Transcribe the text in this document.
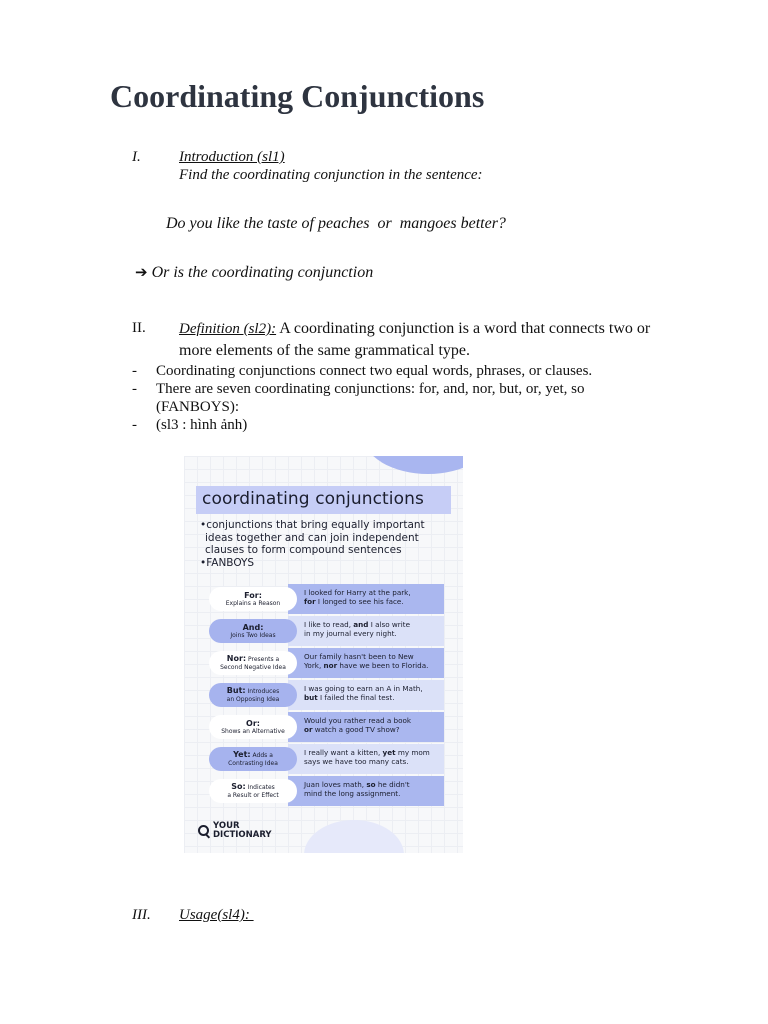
Coordinating Conjunctions
I.	Introduction (sl1)
Find the coordinating conjunction in the sentence:
Do you like the taste of peaches  or  mangoes better?
➔ Or is the coordinating conjunction
II. Definition (sl2): A coordinating conjunction is a word that connects two or
more elements of the same grammatical type.
- Coordinating conjunctions connect two equal words, phrases, or clauses.
- There are seven coordinating conjunctions: for, and, nor, but, or, yet, so
(FANBOYS):
- (sl3 : hình ảnh)
coordinating conjunctions
•conjunctions that bring equally important
ideas together and can join independent
clauses to form compound sentences
•FANBOYS
I looked for Harry at the park,
for I longed to see his face.
For:
Explains a Reason
I like to read, and I also write
in my journal every night.
And:
Joins Two Ideas
Our family hasn't been to New
York, nor have we been to Florida.
Nor: Presents a
Second Negative Idea
I was going to earn an A in Math,
but I failed the final test.
But: Introduces
an Opposing Idea
Would you rather read a book
or watch a good TV show?
Or:
Shows an Alternative
I really want a kitten, yet my mom
says we have too many cats.
Yet: Adds a
Contrasting Idea
Juan loves math, so he didn't
mind the long assignment.
So: Indicates
a Result or Effect
YOUR
DICTIONARY
III. Usage(sl4):
